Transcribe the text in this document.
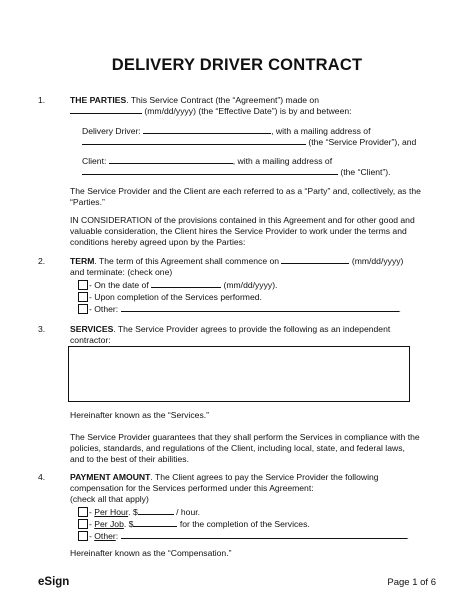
DELIVERY DRIVER CONTRACT
1.	THE PARTIES. This Service Contract (the “Agreement”) made on
(mm/dd/yyyy) (the “Effective Date”) is by and between:
Delivery Driver:	, with a mailing address of
(the “Service Provider”), and
Client:	, with a mailing address of
(the “Client”).
The Service Provider and the Client are each referred to as a “Party” and, collectively, as the
“Parties.”
IN CONSIDERATION of the provisions contained in this Agreement and for other good and
valuable consideration, the Client hires the Service Provider to work under the terms and
conditions hereby agreed upon by the Parties:
2.	TERM. The term of this Agreement shall commence on	(mm/dd/yyyy)
and terminate: (check one)
- On the date of	(mm/dd/yyyy).
- Upon completion of the Services performed.
- Other:	.
3.	SERVICES. The Service Provider agrees to provide the following as an independent
contractor:
Hereinafter known as the “Services.”
The Service Provider guarantees that they shall perform the Services in compliance with the
policies, standards, and regulations of the Client, including local, state, and federal laws,
and to the best of their abilities.
4.	PAYMENT AMOUNT. The Client agrees to pay the Service Provider the following
compensation for the Services performed under this Agreement:
(check all that apply)
- Per Hour. $	/ hour.
- Per Job. $	for the completion of the Services.
- Other:	.
Hereinafter known as the “Compensation.”
eSign	Page 1 of 6
